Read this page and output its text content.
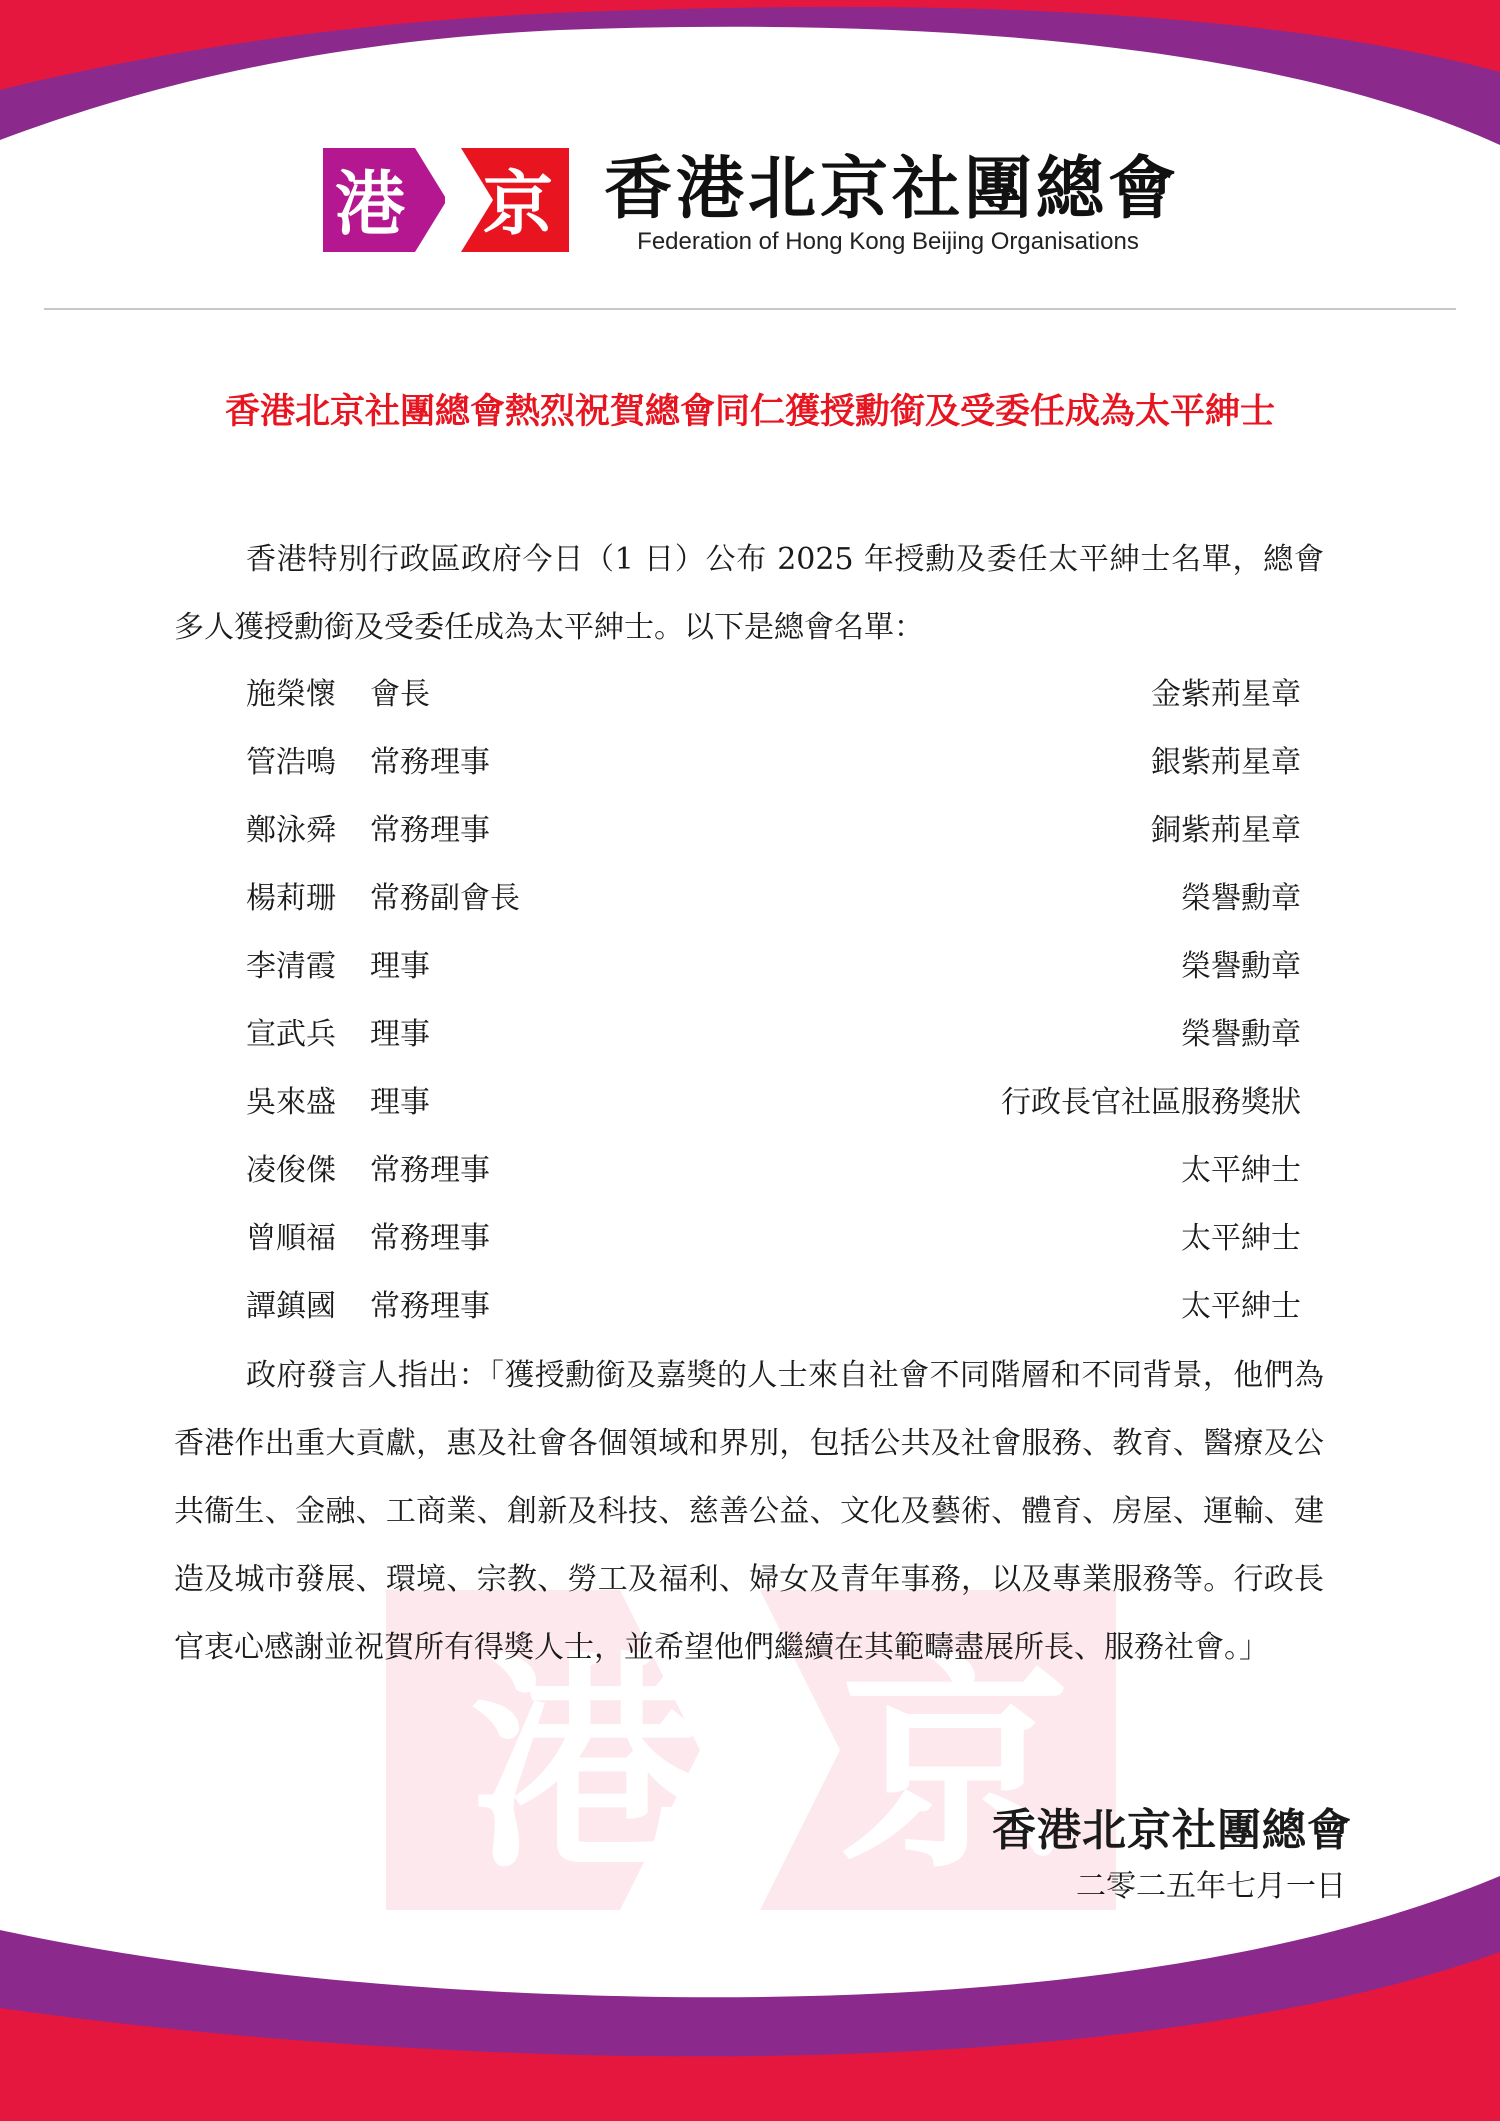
港 京
港 京 香港北京社團總會
Federation of Hong Kong Beijing Organisations
香港北京社團總會熱烈祝賀總會同仁獲授勳銜及受委任成為太平紳士
香港特別行政區政府今日（1 日）公布 2025 年授勳及委任太平紳士名單，總會多人獲授勳銜及受委任成為太平紳士。以下是總會名單：
施榮懷	會長	金紫荊星章
管浩鳴	常務理事	銀紫荊星章
鄭泳舜	常務理事	銅紫荊星章
楊莉珊	常務副會長	榮譽勳章
李清霞	理事	榮譽勳章
宣武兵	理事	榮譽勳章
吳來盛	理事	行政長官社區服務獎狀
凌俊傑	常務理事	太平紳士
曾順福	常務理事	太平紳士
譚鎮國	常務理事	太平紳士
政府發言人指出：「獲授勳銜及嘉獎的人士來自社會不同階層和不同背景，他們為香港作出重大貢獻，惠及社會各個領域和界別，包括公共及社會服務、教育、醫療及公共衞生、金融、工商業、創新及科技、慈善公益、文化及藝術、體育、房屋、運輸、建造及城市發展、環境、宗教、勞工及福利、婦女及青年事務，以及專業服務等。行政長官衷心感謝並祝賀所有得獎人士，並希望他們繼續在其範疇盡展所長、服務社會。」
香港北京社團總會
二零二五年七月一日
